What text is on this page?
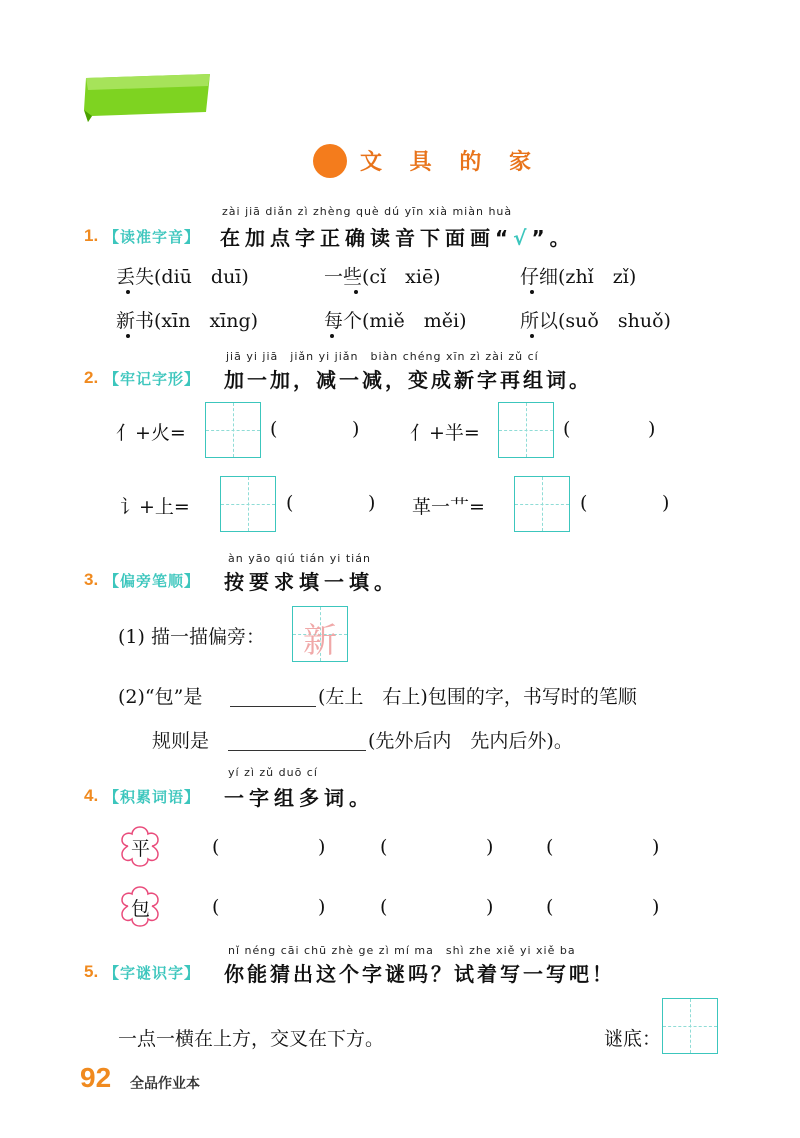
文 具 的 家
zài jiā diǎn zì zhèng què dú yīn xià miàn huà
1. 【读准字音】 在加点字正确读音下面画“√”。
丢失(diū　duī)	一些(cǐ　xiē)	仔细(zhǐ　zǐ)
新书(xīn　xīng)	每个(miě　měi)	所以(suǒ　shuǒ)
jiā yi jiā　jiǎn yi jiǎn　biàn chéng xīn zì zài zǔ cí
2. 【牢记字形】 加一加，减一减，变成新字再组词。
亻+火=	(	)	亻+半=	(	)
讠+上=	(	) 革一艹=	(	)
àn yāo qiú tián yi tián
3. 【偏旁笔顺】 按要求填一填。
(1) 描一描偏旁： 新
(2)“包”是	(左上　右上)包围的字，书写时的笔顺
规则是	(先外后内　先内后外)。
yí zì zǔ duō cí
4. 【积累词语】 一字组多词。
平	(	)	(	)	(	)
包	(	)	(	)	(	)
nǐ néng cāi chū zhè ge zì mí ma　shì zhe xiě yi xiě ba
5. 【字谜识字】 你能猜出这个字谜吗？试着写一写吧！
一点一横在上方，交叉在下方。	谜底：
92 全品作业本
